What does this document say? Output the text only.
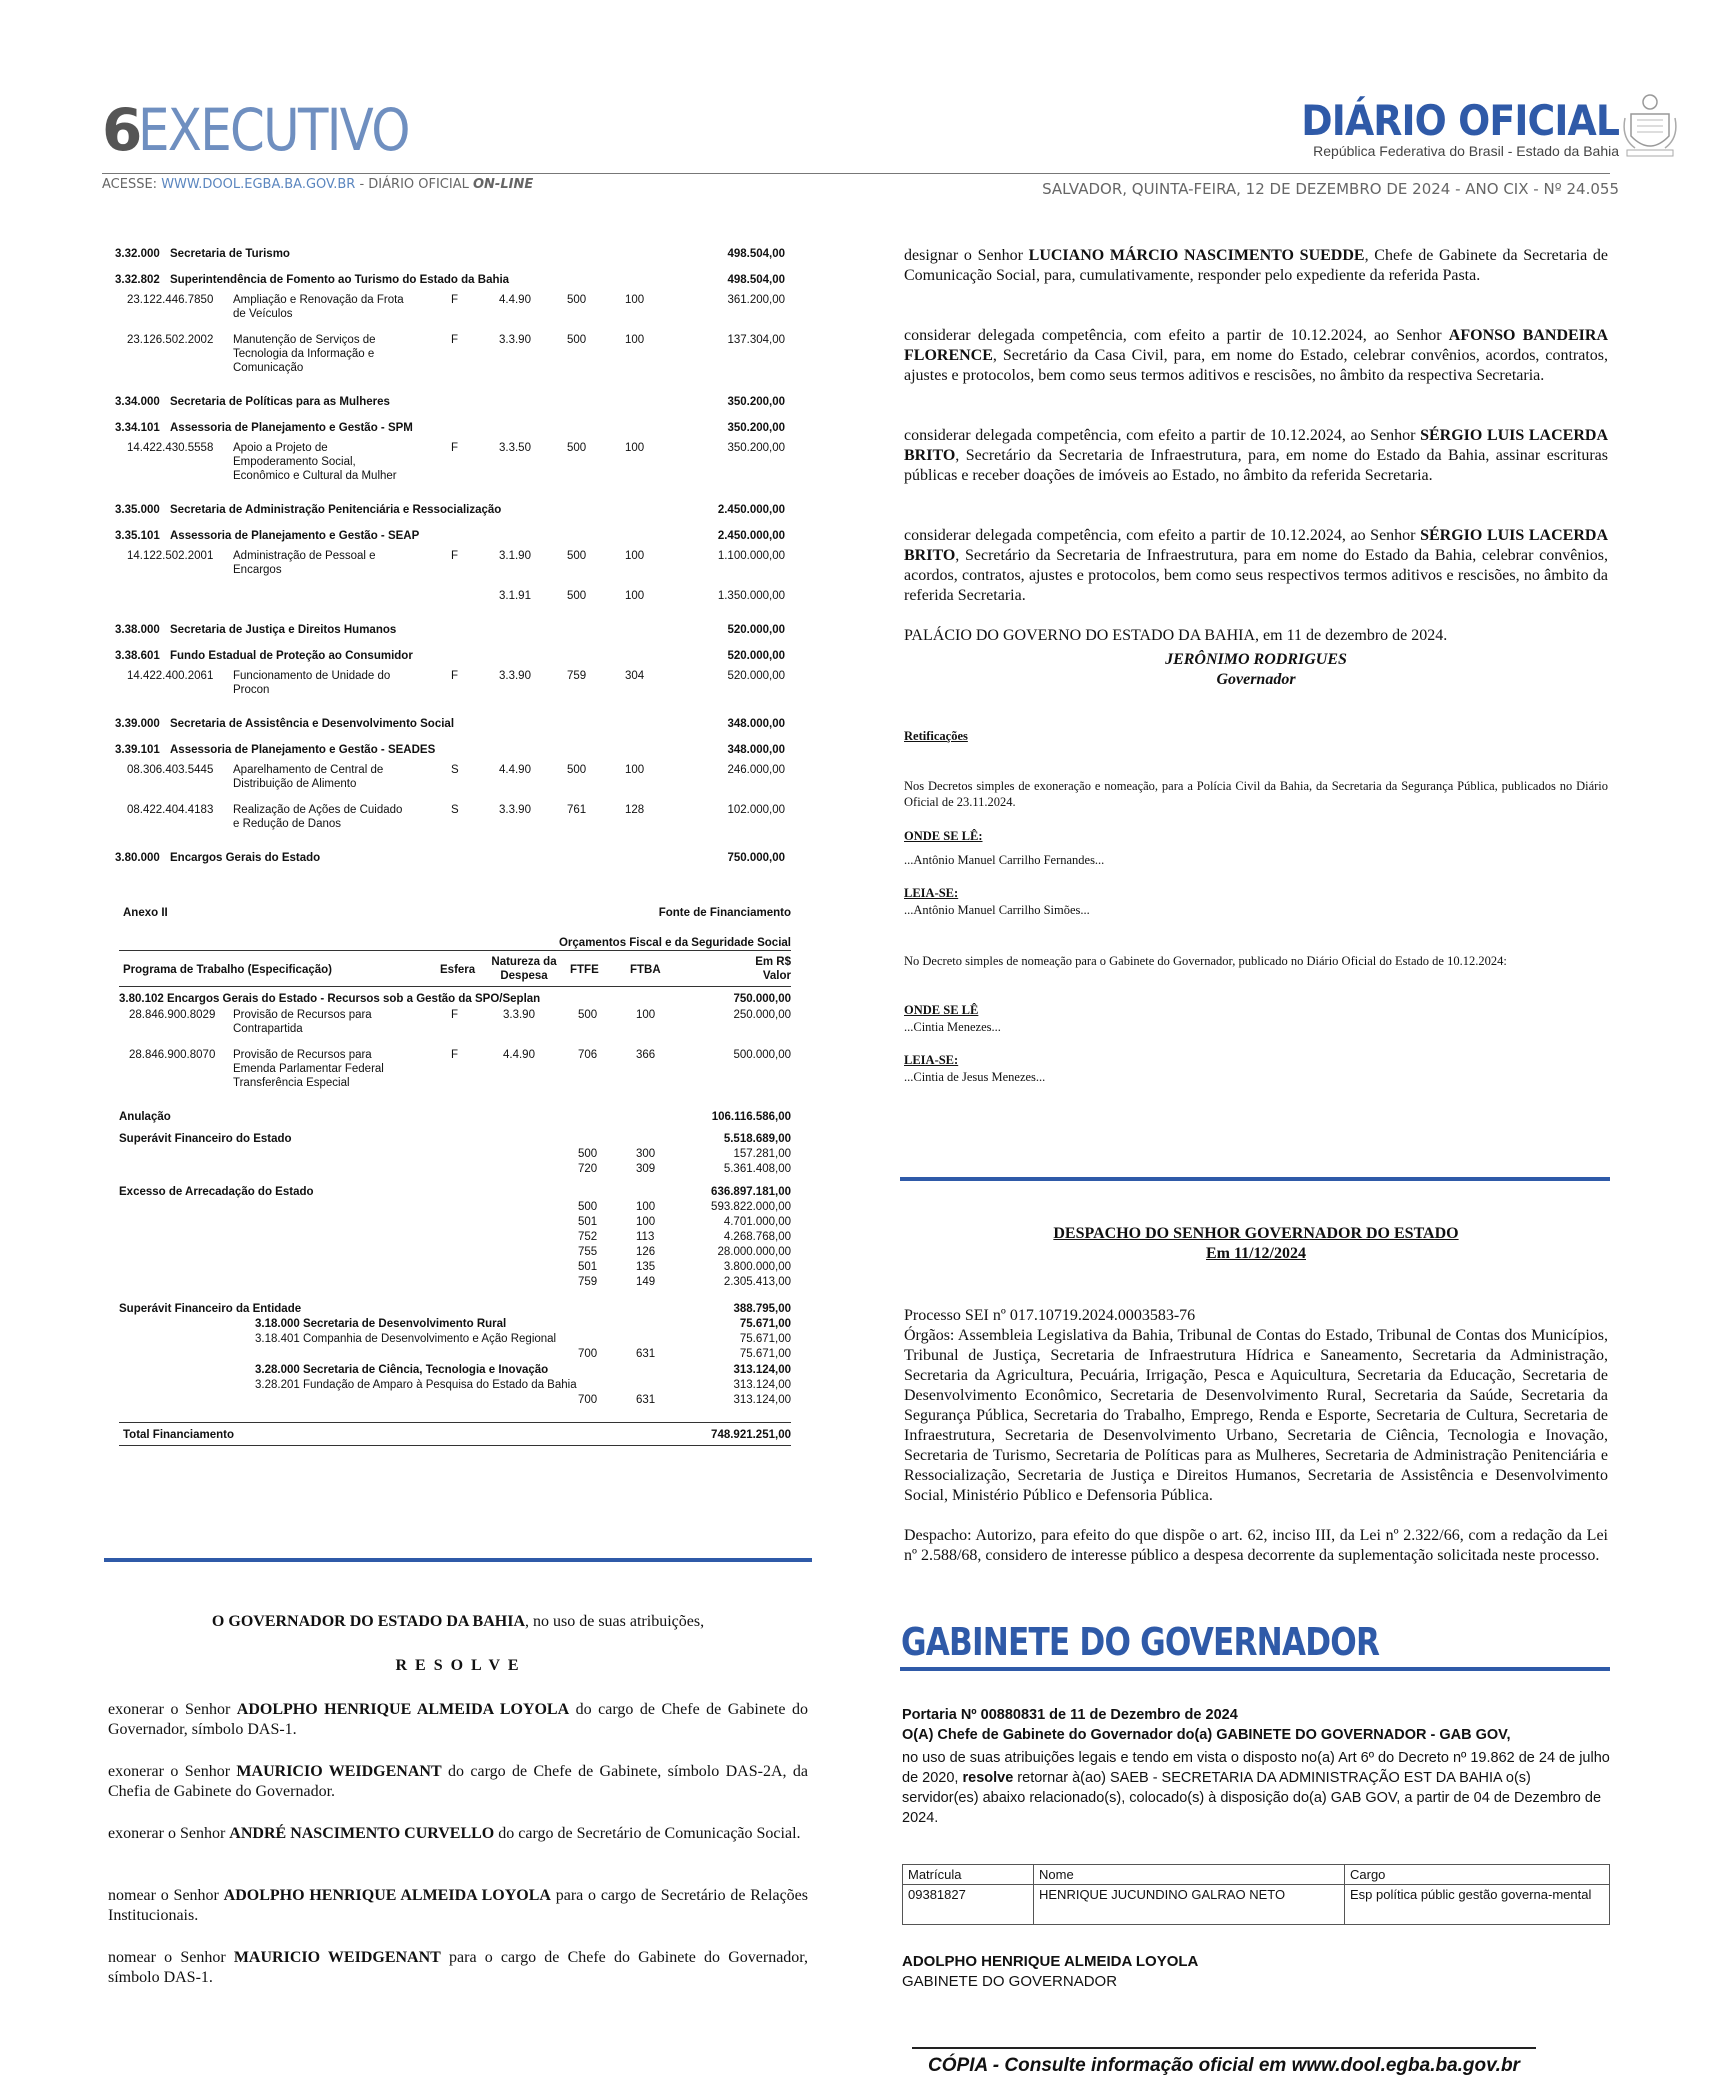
6
EXECUTIVO	DIÁRIO OFICIAL
República Federativa do Brasil - Estado da Bahia
ACESSE: WWW.DOOL.EGBA.BA.GOV.BR - DIÁRIO OFICIAL ON-LINE	SALVADOR, QUINTA-FEIRA, 12 DE DEZEMBRO DE 2024 - ANO CIX - Nº 24.055
3.32.000 Secretaria de Turismo	498.504,00
3.32.802 Superintendência de Fomento ao Turismo do Estado da Bahia	498.504,00
23.122.446.7850 Ampliação e Renovação da Frota de Veículos
F	4.4.90	500	100	361.200,00
23.126.502.2002 Manutenção de Serviços de Tecnologia da Informação e Comunicação
F	3.3.90	500	100	137.304,00
3.34.000 Secretaria de Políticas para as Mulheres	350.200,00
3.34.101 Assessoria de Planejamento e Gestão - SPM	350.200,00
14.422.430.5558 Apoio a Projeto de Empoderamento Social, Econômico e Cultural da Mulher
F	3.3.50	500	100	350.200,00
3.35.000 Secretaria de Administração Penitenciária e Ressocialização	2.450.000,00
3.35.101 Assessoria de Planejamento e Gestão - SEAP	2.450.000,00
14.122.502.2001 Administração de Pessoal e Encargos
F	3.1.90	500	100	1.100.000,00
3.1.91	500	100	1.350.000,00
3.38.000 Secretaria de Justiça e Direitos Humanos	520.000,00
3.38.601 Fundo Estadual de Proteção ao Consumidor	520.000,00
14.422.400.2061 Funcionamento de Unidade do Procon
F	3.3.90	759	304	520.000,00
3.39.000 Secretaria de Assistência e Desenvolvimento Social	348.000,00
3.39.101 Assessoria de Planejamento e Gestão - SEADES	348.000,00
08.306.403.5445 Aparelhamento de Central de Distribuição de Alimento
S	4.4.90	500	100	246.000,00
08.422.404.4183 Realização de Ações de Cuidado e Redução de Danos
S	3.3.90	761	128	102.000,00
3.80.000 Encargos Gerais do Estado	750.000,00
Anexo II	Fonte de Financiamento
Orçamentos Fiscal e da Seguridade Social
Programa de Trabalho (Especificação)	Esfera
Natureza da
Despesa	FTFE	FTBA
Em R$
Valor
3.80.102 Encargos Gerais do Estado - Recursos sob a Gestão da SPO/Seplan	750.000,00
28.846.900.8029 Provisão de Recursos para Contrapartida
F	3.3.90	500	100	250.000,00
28.846.900.8070 Provisão de Recursos para Emenda Parlamentar Federal Transferência Especial
F	4.4.90	706	366	500.000,00
Anulação	106.116.586,00
Superávit Financeiro do Estado	5.518.689,00
500	300	157.281,00
720	309	5.361.408,00
Excesso de Arrecadação do Estado	636.897.181,00
500	100	593.822.000,00
501	100	4.701.000,00
752	113	4.268.768,00
755	126	28.000.000,00
501	135	3.800.000,00
759	149	2.305.413,00
Superávit Financeiro da Entidade	388.795,00
3.18.000 Secretaria de Desenvolvimento Rural	75.671,00
3.18.401 Companhia de Desenvolvimento e Ação Regional	75.671,00
700	631	75.671,00
3.28.000 Secretaria de Ciência, Tecnologia e Inovação	313.124,00
3.28.201 Fundação de Amparo à Pesquisa do Estado da Bahia	313.124,00
700	631	313.124,00
Total Financiamento	748.921.251,00
O GOVERNADOR DO ESTADO DA BAHIA, no uso de suas atribuições,
R E S O L V E
exonerar o Senhor ADOLPHO HENRIQUE ALMEIDA LOYOLA do cargo de Chefe de Gabinete do Governador, símbolo DAS-1.
exonerar o Senhor MAURICIO WEIDGENANT do cargo de Chefe de Gabinete, símbolo DAS-2A, da Chefia de Gabinete do Governador.
exonerar o Senhor ANDRÉ NASCIMENTO CURVELLO do cargo de Secretário de Comunicação Social.
nomear o Senhor ADOLPHO HENRIQUE ALMEIDA LOYOLA para o cargo de Secretário de Relações Institucionais.
nomear o Senhor MAURICIO WEIDGENANT para o cargo de Chefe do Gabinete do Governador, símbolo DAS-1.
designar o Senhor LUCIANO MÁRCIO NASCIMENTO SUEDDE, Chefe de Gabinete da Secretaria de Comunicação Social, para, cumulativamente, responder pelo expediente da referida Pasta.
considerar delegada competência, com efeito a partir de 10.12.2024, ao Senhor AFONSO BANDEIRA FLORENCE, Secretário da Casa Civil, para, em nome do Estado, celebrar convênios, acordos, contratos, ajustes e protocolos, bem como seus termos aditivos e rescisões, no âmbito da respectiva Secretaria.
considerar delegada competência, com efeito a partir de 10.12.2024, ao Senhor SÉRGIO LUIS LACERDA BRITO, Secretário da Secretaria de Infraestrutura, para, em nome do Estado da Bahia, assinar escrituras públicas e receber doações de imóveis ao Estado, no âmbito da referida Secretaria.
considerar delegada competência, com efeito a partir de 10.12.2024, ao Senhor SÉRGIO LUIS LACERDA BRITO, Secretário da Secretaria de Infraestrutura, para em nome do Estado da Bahia, celebrar convênios, acordos, contratos, ajustes e protocolos, bem como seus respectivos termos aditivos e rescisões, no âmbito da referida Secretaria.
PALÁCIO DO GOVERNO DO ESTADO DA BAHIA, em 11 de dezembro de 2024.
JERÔNIMO RODRIGUES
Governador
Retificações
Nos Decretos simples de exoneração e nomeação, para a Polícia Civil da Bahia, da Secretaria da Segurança Pública, publicados no Diário Oficial de 23.11.2024.
ONDE SE LÊ:
...Antônio Manuel Carrilho Fernandes...
LEIA-SE:
...Antônio Manuel Carrilho Simões...
No Decreto simples de nomeação para o Gabinete do Governador, publicado no Diário Oficial do Estado de 10.12.2024:
ONDE SE LÊ
...Cintia Menezes...
LEIA-SE:
...Cintia de Jesus Menezes...
DESPACHO DO SENHOR GOVERNADOR DO ESTADO
Em 11/12/2024
Processo SEI nº 017.10719.2024.0003583-76
Órgãos: Assembleia Legislativa da Bahia, Tribunal de Contas do Estado, Tribunal de Contas dos Municípios, Tribunal de Justiça, Secretaria de Infraestrutura Hídrica e Saneamento, Secretaria da Administração, Secretaria da Agricultura, Pecuária, Irrigação, Pesca e Aquicultura, Secretaria da Educação, Secretaria de Desenvolvimento Econômico, Secretaria de Desenvolvimento Rural, Secretaria da Saúde, Secretaria da Segurança Pública, Secretaria do Trabalho, Emprego, Renda e Esporte, Secretaria de Cultura, Secretaria de Infraestrutura, Secretaria de Desenvolvimento Urbano, Secretaria de Ciência, Tecnologia e Inovação, Secretaria de Turismo, Secretaria de Políticas para as Mulheres, Secretaria de Administração Penitenciária e Ressocialização, Secretaria de Justiça e Direitos Humanos, Secretaria de Assistência e Desenvolvimento Social, Ministério Público e Defensoria Pública.
Despacho: Autorizo, para efeito do que dispõe o art. 62, inciso III, da Lei nº 2.322/66, com a redação da Lei nº 2.588/68, considero de interesse público a despesa decorrente da suplementação solicitada neste processo.
GABINETE DO GOVERNADOR
Portaria Nº 00880831 de 11 de Dezembro de 2024
O(A) Chefe de Gabinete do Governador do(a) GABINETE DO GOVERNADOR - GAB GOV,
no uso de suas atribuições legais e tendo em vista o disposto no(a) Art 6º do Decreto nº 19.862 de 24 de julho de 2020, resolve retornar à(ao) SAEB - SECRETARIA DA ADMINISTRAÇÃO EST DA BAHIA o(s) servidor(es) abaixo relacionado(s), colocado(s) à disposição do(a) GAB GOV, a partir de 04 de Dezembro de 2024.
Matrícula	Nome	Cargo
09381827	HENRIQUE JUCUNDINO GALRAO NETO	Esp política públic gestão governa-mental
ADOLPHO HENRIQUE ALMEIDA LOYOLA
GABINETE DO GOVERNADOR
CÓPIA - Consulte informação oficial em www.dool.egba.ba.gov.br
